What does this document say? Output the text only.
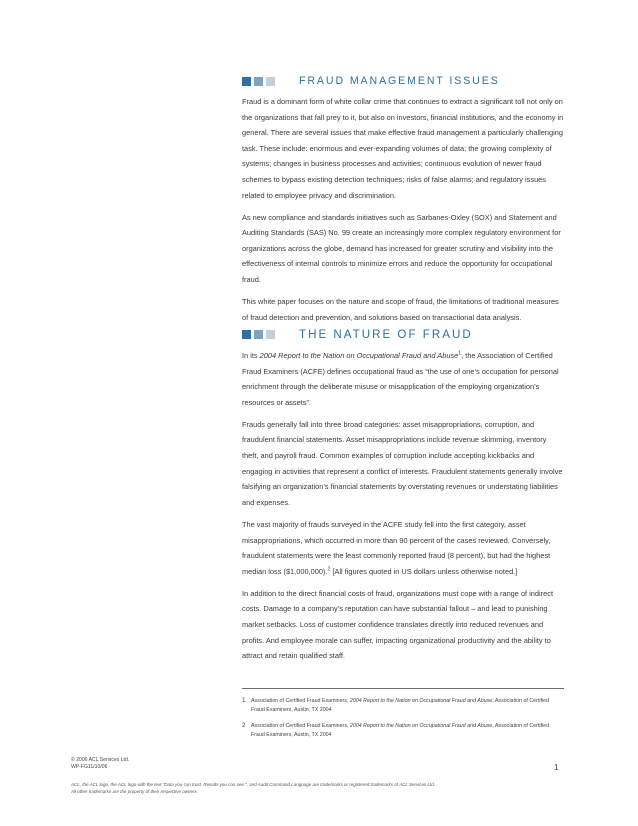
FRAUD MANAGEMENT ISSUES

Fraud is a dominant form of white collar crime that continues to extract a significant toll not only on the organizations that fall prey to it, but also on investors, financial institutions, and the economy in general. There are several issues that make effective fraud management a particularly challenging task. These include: enormous and ever-expanding volumes of data; the growing complexity of systems; changes in business processes and activities; continuous evolution of newer fraud schemes to bypass existing detection techniques; risks of false alarms; and regulatory issues related to employee privacy and discrimination.

As new compliance and standards initiatives such as Sarbanes-Oxley (SOX) and Statement and Auditing Standards (SAS) No. 99 create an increasingly more complex regulatory environment for organizations across the globe, demand has increased for greater scrutiny and visibility into the effectiveness of internal controls to minimize errors and reduce the opportunity for occupational fraud.

This white paper focuses on the nature and scope of fraud, the limitations of traditional measures of fraud detection and prevention, and solutions based on transactional data analysis.

THE NATURE OF FRAUD

In its 2004 Report to the Nation on Occupational Fraud and Abuse$^1$, the Association of Certified Fraud Examiners (ACFE) defines occupational fraud as “the use of one’s occupation for personal enrichment through the deliberate misuse or misapplication of the employing organization’s resources or assets”.

Frauds generally fall into three broad categories: asset misappropriations, corruption, and fraudulent financial statements. Asset misappropriations include revenue skimming, inventory theft, and payroll fraud. Common examples of corruption include accepting kickbacks and engaging in activities that represent a conflict of interests. Fraudulent statements generally involve falsifying an organization’s financial statements by overstating revenues or understating liabilities and expenses.

The vast majority of frauds surveyed in the ACFE study fell into the first category, asset misappropriations, which occurred in more than 90 percent of the cases reviewed. Conversely, fraudulent statements were the least commonly reported fraud (8 percent), but had the highest median loss ($1,000,000).$^2$ [All figures quoted in US dollars unless otherwise noted.]

In addition to the direct financial costs of fraud, organizations must cope with a range of indirect costs. Damage to a company’s reputation can have substantial fallout – and lead to punishing market setbacks. Loss of customer confidence translates directly into reduced revenues and profits. And employee morale can suffer, impacting organizational productivity and the ability to attract and retain qualified staff.

1 Association of Certified Fraud Examiners, 2004 Report to the Nation on Occupational Fraud and Abuse, Association of Certified Fraud Examiners, Austin, TX 2004
2 Association of Certified Fraud Examiners, 2004 Report to the Nation on Occupational Fraud and Abuse, Association of Certified Fraud Examiners, Austin, TX 2004
© 2006 ACL Services Ltd.
WP-FG11/10/06	1
ACL, the ACL logo, the ACL logo with the text “Data you can trust. Results you can see.”, and Audit Command Language are trademarks or registered trademarks of ACL Services Ltd.
All other trademarks are the property of their respective owners.
